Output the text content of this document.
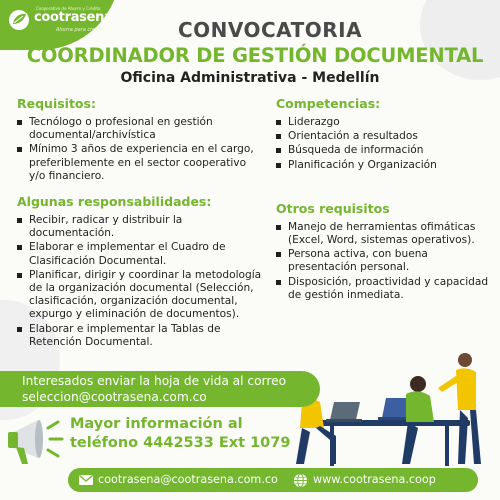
Cooperativa de Ahorro y Crédito
cootrasena
Ahorra para crecer	CONVOCATORIA
COORDINADOR DE GESTIÓN DOCUMENTAL
Oficina Administrativa - Medellín
Requisitos:
Tecnólogo o profesional en gestión documental/archivística
Mínimo 3 años de experiencia en el cargo, preferiblemente en el sector cooperativo y/o financiero.
Algunas responsabilidades:
Recibir, radicar y distribuir la documentación.
Elaborar e implementar el Cuadro de Clasificación Documental.
Planificar, dirigir y coordinar la metodología de la organización documental (Selección, clasificación, organización documental, expurgo y eliminación de documentos).
Elaborar e implementar la Tablas de Retención Documental.
Competencias:
Liderazgo
Orientación a resultados
Búsqueda de información
Planificación y Organización
Otros requisitos
Manejo de herramientas ofimáticas (Excel, Word, sistemas operativos).
Persona activa, con buena presentación personal.
Disposición, proactividad y capacidad de gestión inmediata.
Interesados enviar la hoja de vida al correo
seleccion@cootrasena.com.co
Mayor información al
teléfono 4442533 Ext 1079
cootrasena@cootrasena.com.co	www.cootrasena.coop
